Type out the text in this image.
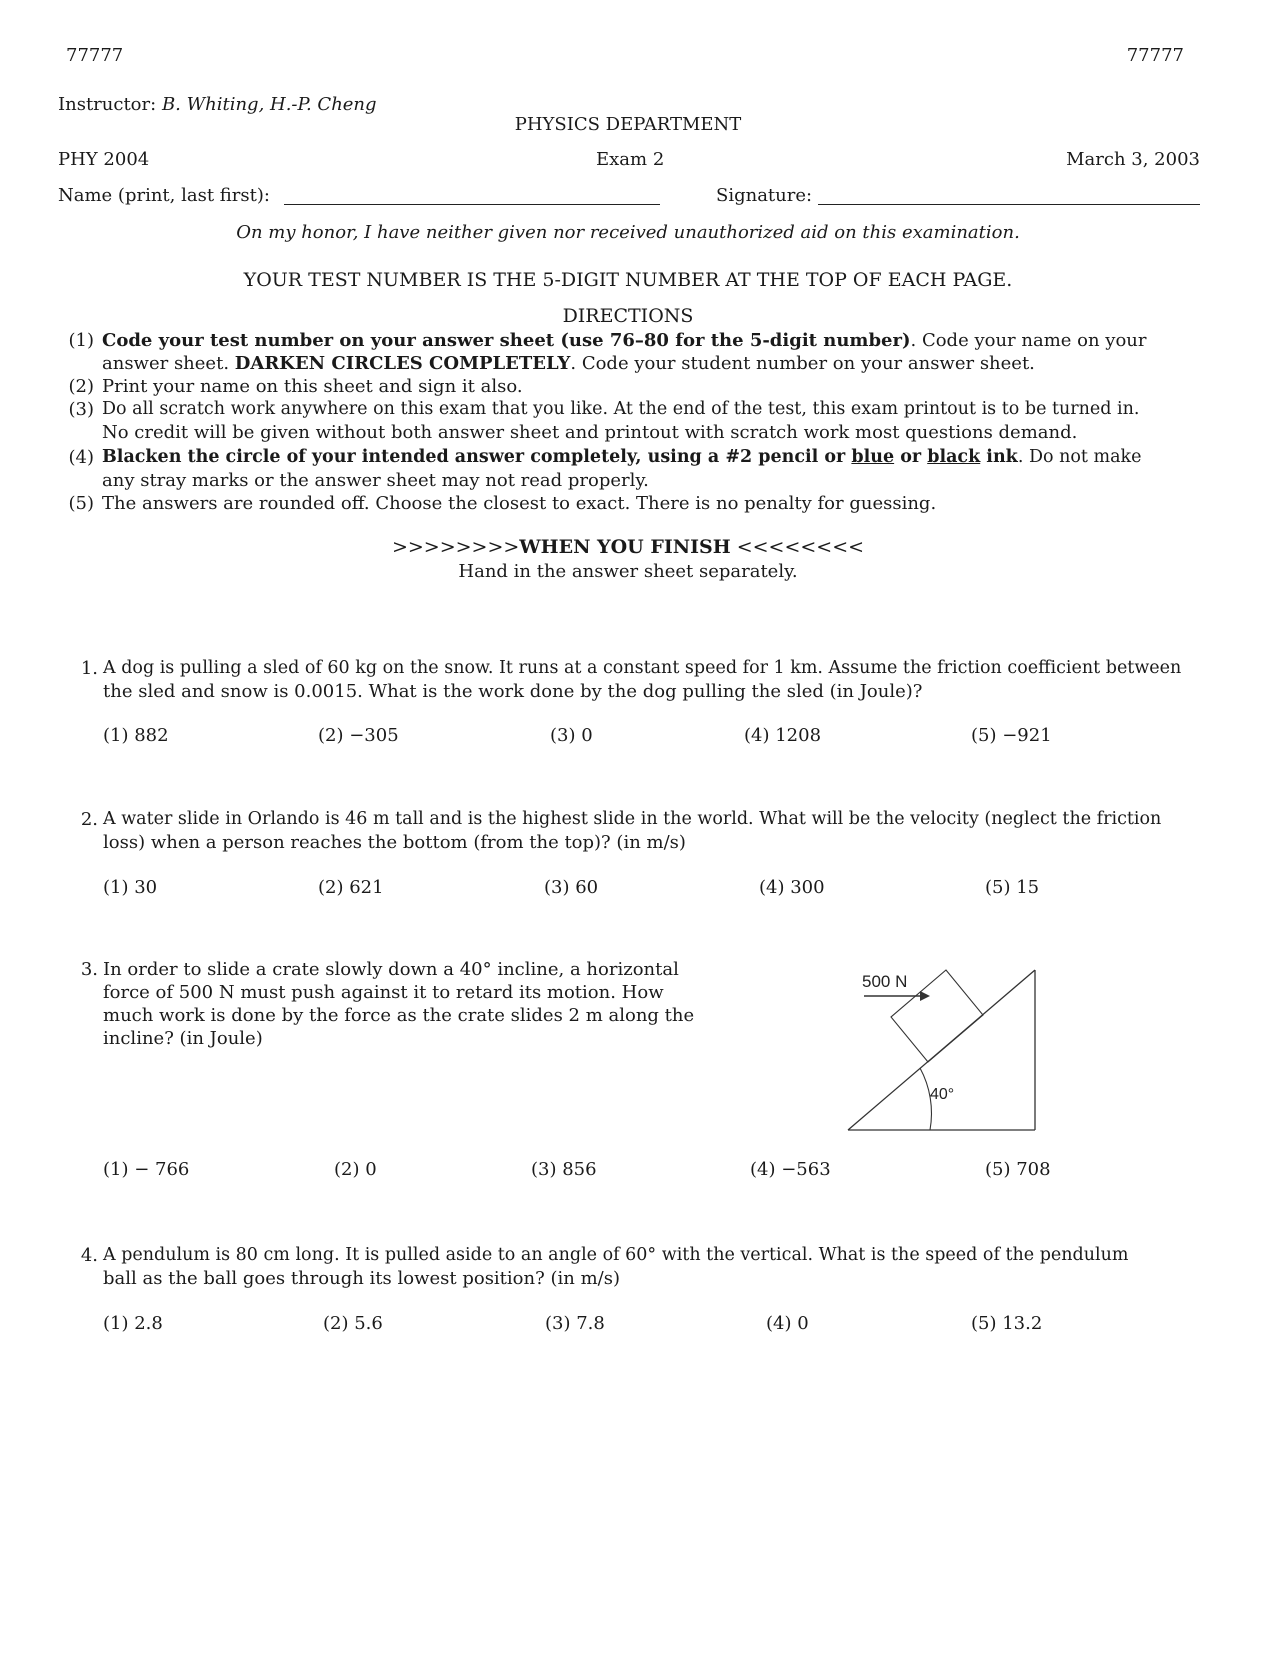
77777	77777
Instructor: B. Whiting, H.-P. Cheng
PHYSICS DEPARTMENT
PHY 2004	Exam 2	March 3, 2003
Name (print, last first):	Signature:
On my honor, I have neither given nor received unauthorized aid on this examination.
YOUR TEST NUMBER IS THE 5-DIGIT NUMBER AT THE TOP OF EACH PAGE.
DIRECTIONS
(1) Code your test number on your answer sheet (use 76–80 for the 5-digit number). Code your name on your
answer sheet. DARKEN CIRCLES COMPLETELY. Code your student number on your answer sheet.
(2) Print your name on this sheet and sign it also.
(3) Do all scratch work anywhere on this exam that you like. At the end of the test, this exam printout is to be turned in.
No credit will be given without both answer sheet and printout with scratch work most questions demand.
(4) Blacken the circle of your intended answer completely, using a #2 pencil or blue or black ink. Do not make
any stray marks or the answer sheet may not read properly.
(5) The answers are rounded off. Choose the closest to exact. There is no penalty for guessing.
>>>>>>>>WHEN YOU FINISH <<<<<<<<
Hand in the answer sheet separately.
1. A dog is pulling a sled of 60 kg on the snow. It runs at a constant speed for 1 km. Assume the friction coefficient between
the sled and snow is 0.0015. What is the work done by the dog pulling the sled (in Joule)?
(1) 882	(2) −305	(3) 0	(4) 1208	(5) −921
2. A water slide in Orlando is 46 m tall and is the highest slide in the world. What will be the velocity (neglect the friction
loss) when a person reaches the bottom (from the top)? (in m/s)
(1) 30	(2) 621	(3) 60	(4) 300	(5) 15
3. In order to slide a crate slowly down a 40° incline, a horizontal
force of 500 N must push against it to retard its motion. How
much work is done by the force as the crate slides 2 m along the
incline? (in Joule)
500 N
40°
(1) − 766	(2) 0	(3) 856	(4) −563	(5) 708
4. A pendulum is 80 cm long. It is pulled aside to an angle of 60° with the vertical. What is the speed of the pendulum
ball as the ball goes through its lowest position? (in m/s)
(1) 2.8	(2) 5.6	(3) 7.8	(4) 0	(5) 13.2
